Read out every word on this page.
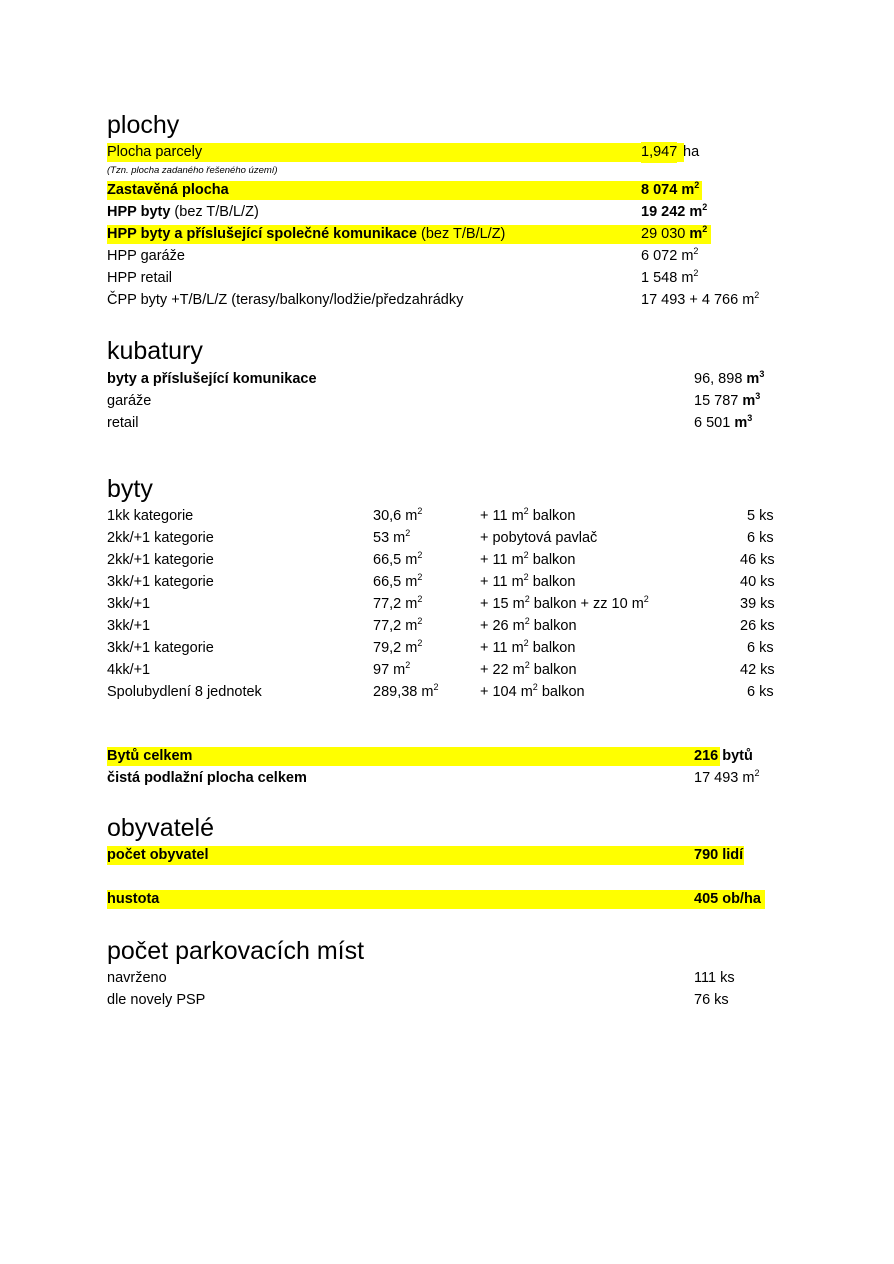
plochy
Plocha parcely	1,947 ha
(Tzn. plocha zadaného řešeného území)
Zastavěná plocha	8 074 $m^2$
HPP byty (bez T/B/L/Z)	19 242 $m^2$
HPP byty a příslušející společné komunikace (bez T/B/L/Z)	29 030 $m^2$
HPP garáže	6 072 $m^2$
HPP retail	1 548 $m^2$
ČPP byty +T/B/L/Z (terasy/balkony/lodžie/předzahrádky	17 493 + 4 766 $m^2$
kubatury
byty a příslušející komunikace	96, 898 $m^3$
garáže	15 787 $m^3$
retail	6 501 $m^3$
byty
1kk kategorie	30,6 $m^2$	+ 11 $m^2$ balkon	5 ks
2kk/+1 kategorie	53 $m^2$	+ pobytová pavlač	6 ks
2kk/+1 kategorie	66,5 $m^2$	+ 11 $m^2$ balkon	46 ks
3kk/+1 kategorie	66,5 $m^2$	+ 11 $m^2$ balkon	40 ks
3kk/+1	77,2 $m^2$	+ 15 $m^2$ balkon + zz 10 $m^2$	39 ks
3kk/+1	77,2 $m^2$	+ 26 $m^2$ balkon	26 ks
3kk/+1 kategorie	79,2 $m^2$	+ 11 $m^2$ balkon	6 ks
4kk/+1	97 $m^2$	+ 22 $m^2$ balkon	42 ks
Spolubydlení 8 jednotek	289,38 $m^2$	+ 104 $m^2$ balkon	6 ks
Bytů celkem	216 bytů
čistá podlažní plocha celkem	17 493 $m^2$
obyvatelé
počet obyvatel	790 lidí
hustota	405 ob/ha
počet parkovacích míst
navrženo	111 ks
dle novely PSP	76 ks
